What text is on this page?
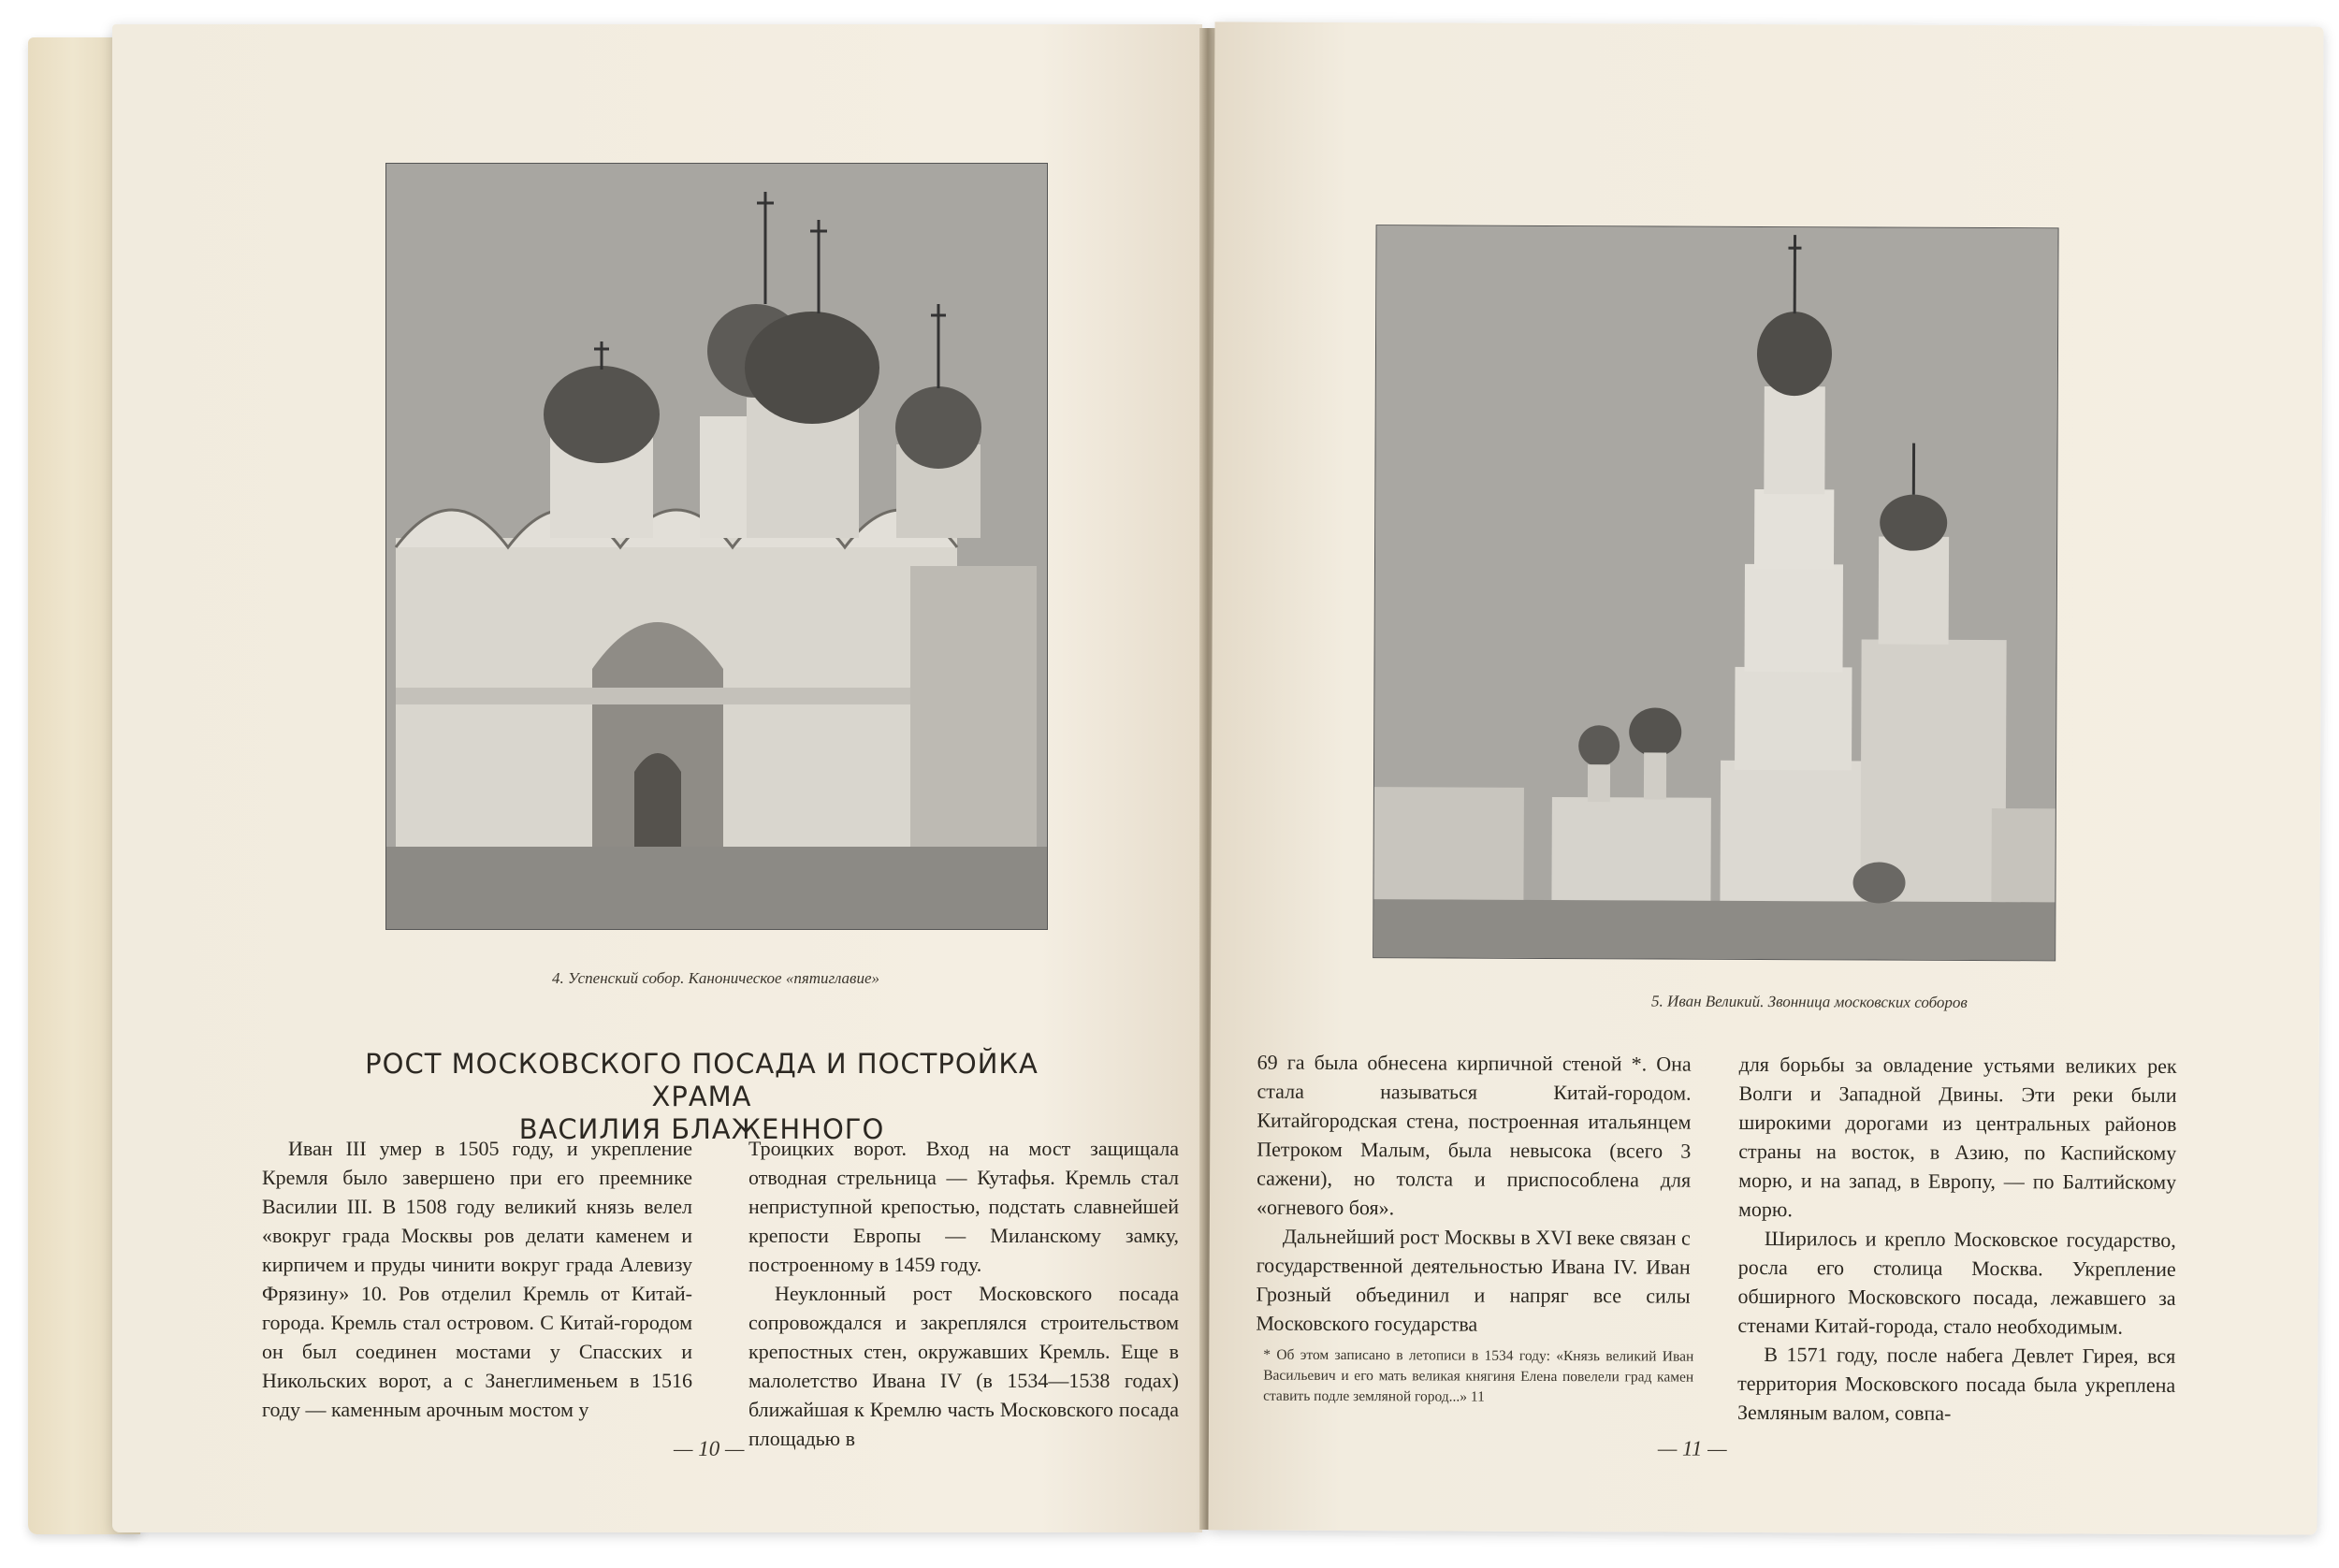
4. Успенский собор. Каноническое «пятиглавие»
РОСТ МОСКОВСКОГО ПОСАДА И ПОСТРОЙКА ХРАМА
ВАСИЛИЯ БЛАЖЕННОГО

Иван III умер в 1505 году, и укрепление Кремля было завершено при его преемнике Василии III. В 1508 году великий князь велел «вокруг града Москвы ров делати каменем и кирпичем и пруды чинити вокруг града Алевизу Фрязину» 10. Ров отделил Кремль от Китай-города. Кремль стал островом. С Китай-городом он был соединен мостами у Спасских и Никольских ворот, а с Занеглименьем в 1516 году — каменным арочным мостом у

Троицких ворот. Вход на мост защищала отводная стрельница — Кутафья. Кремль стал неприступной крепостью, подстать славнейшей крепости Европы — Миланскому замку, построенному в 1459 году.

Неуклонный рост Московского посада сопровождался и закреплялся строительством крепостных стен, окружавших Кремль. Еще в малолетство Ивана IV (в 1534—1538 годах) ближайшая к Кремлю часть Московского посада площадью в

— 10 —
5. Иван Великий. Звонница московских соборов

69 га была обнесена кирпичной стеной *. Она стала называться Китай-городом. Китайгородская стена, построенная итальянцем Петроком Малым, была невысока (всего 3 сажени), но толста и приспособлена для «огневого боя».

Дальнейший рост Москвы в XVI веке связан с государственной деятельностью Ивана IV. Иван Грозный объединил и напряг все силы Московского государства

* Об этом записано в летописи в 1534 году: «Князь великий Иван Васильевич и его мать великая княгиня Елена повелели град камен ставить подле земляной город...» 11

для борьбы за овладение устьями великих рек Волги и Западной Двины. Эти реки были широкими дорогами из центральных районов страны на восток, в Азию, по Каспийскому морю, и на запад, в Европу, — по Балтийскому морю.

Ширилось и крепло Московское государство, росла его столица Москва. Укрепление обширного Московского посада, лежавшего за стенами Китай-города, стало необходимым.

В 1571 году, после набега Девлет Гирея, вся территория Московского посада была укреплена Земляным валом, совпа-

— 11 —
